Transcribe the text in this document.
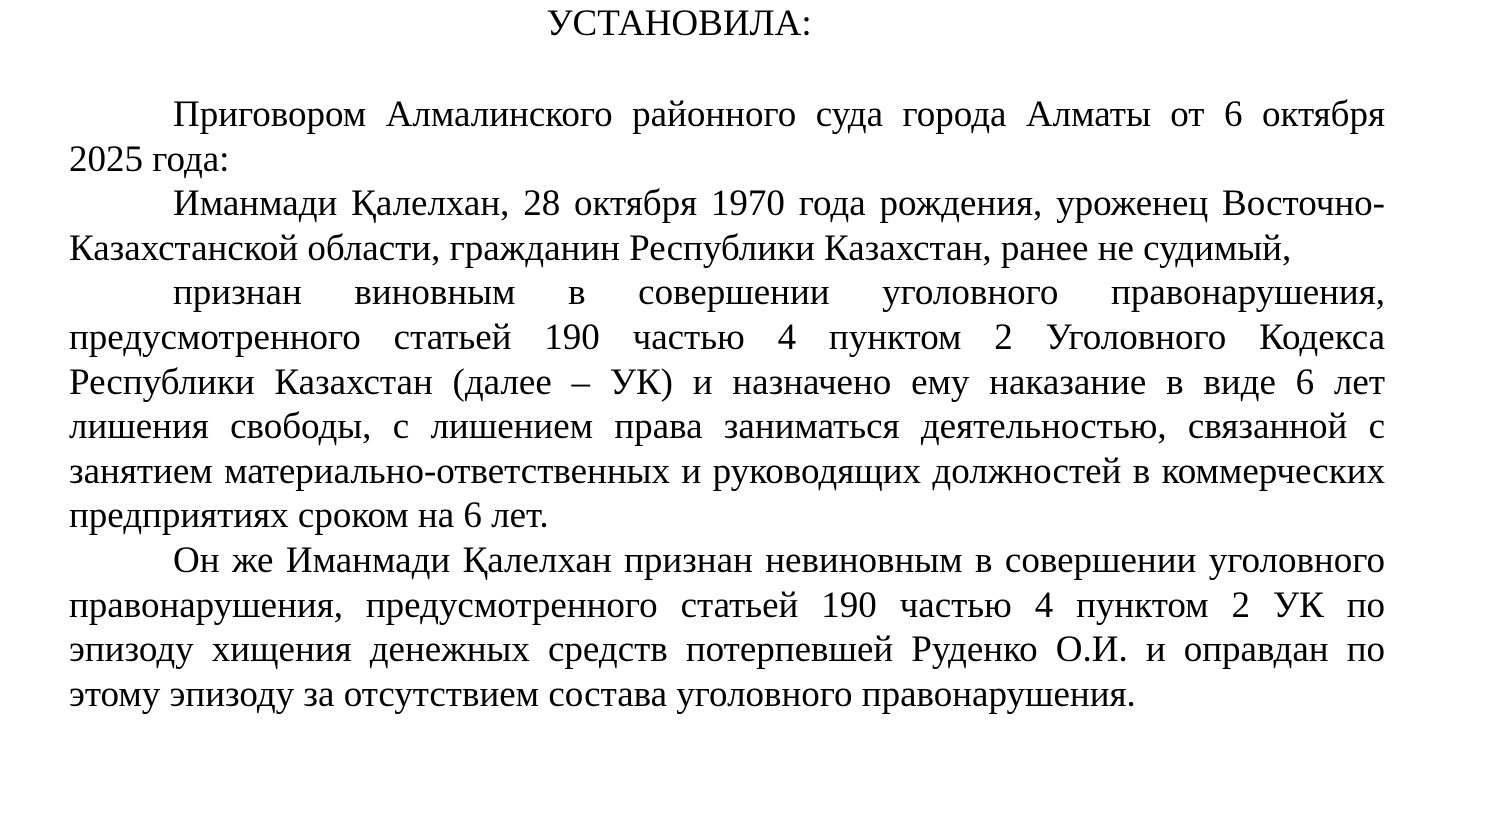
УСТАНОВИЛА:

Приговором Алмалинского районного суда города Алматы от 6 октября 2025 года:

Иманмади Қалелхан, 28 октября 1970 года рождения, уроженец Восточно-Казахстанской области, гражданин Республики Казахстан, ранее не судимый,

признан виновным в совершении уголовного правонарушения, предусмотренного статьей 190 частью 4 пунктом 2 Уголовного Кодекса Республики Казахстан (далее – УК) и назначено ему наказание в виде 6 лет лишения свободы, с лишением права заниматься деятельностью, связанной с занятием материально-ответственных и руководящих должностей в коммерческих предприятиях сроком на 6 лет.

Он же Иманмади Қалелхан признан невиновным в совершении уголовного правонарушения, предусмотренного статьей 190 частью 4 пунктом 2 УК по эпизоду хищения денежных средств потерпевшей Руденко О.И. и оправдан по этому эпизоду за отсутствием состава уголовного правонарушения.
